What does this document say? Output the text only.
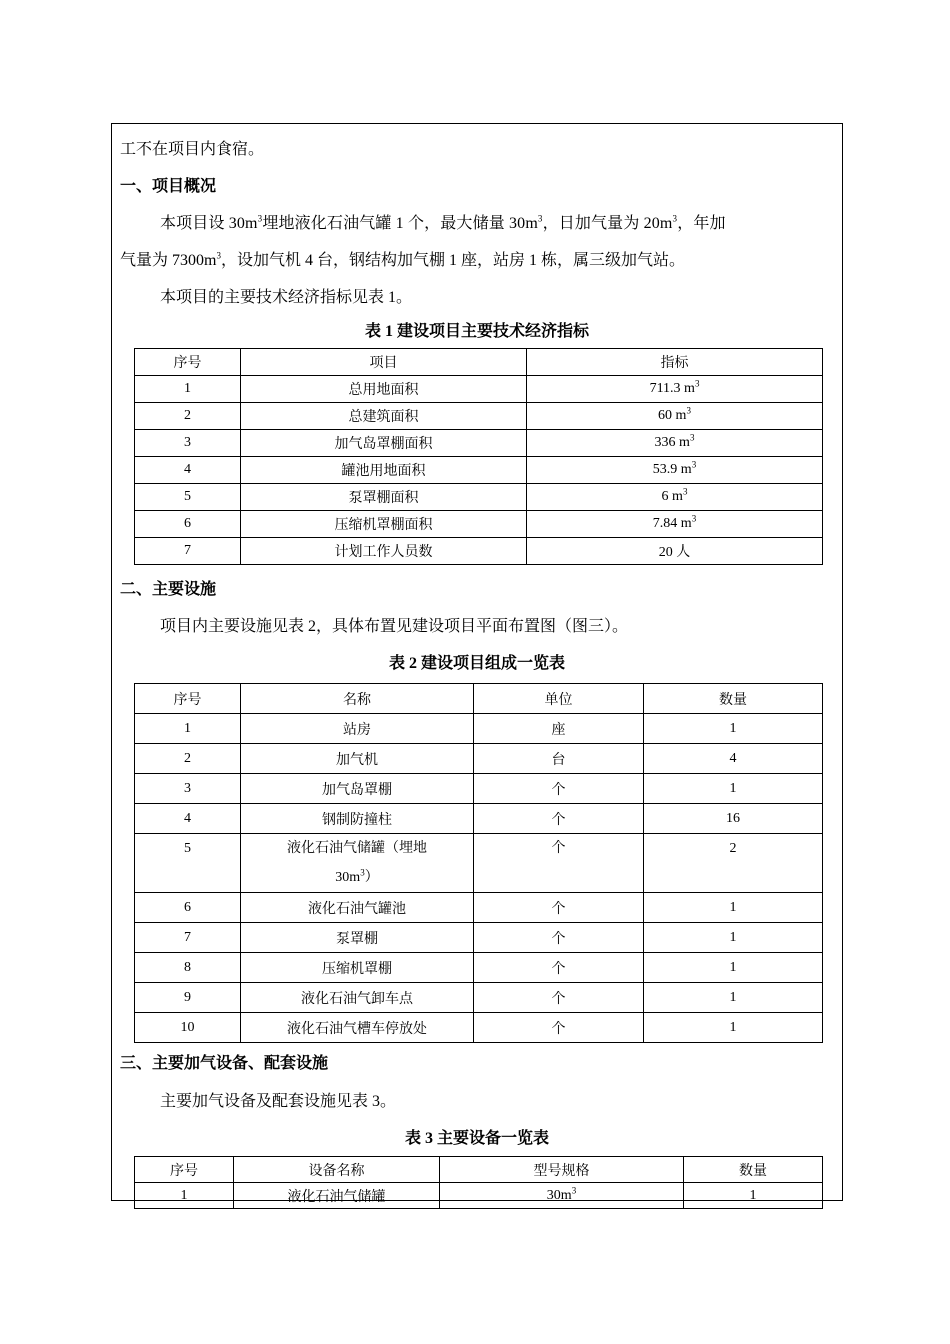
工不在项目内食宿。

一、项目概况

本项目设 $30m^3$埋地液化石油气罐 1 个，最大储量 $30m^3$，日加气量为 $20m^3$，年加

气量为 $7300m^3$，设加气机 4 台，钢结构加气棚 1 座，站房 1 栋，属三级加气站。

本项目的主要技术经济指标见表 1。

表 1 建设项目主要技术经济指标

序号	项目	指标
1	总用地面积	711.3 $m^3$
2	总建筑面积	60 $m^3$
3	加气岛罩棚面积	336 $m^3$
4	罐池用地面积	53.9 $m^3$
5	泵罩棚面积	6 $m^3$
6	压缩机罩棚面积	7.84 $m^3$
7	计划工作人员数	20 人

二、主要设施

项目内主要设施见表 2，具体布置见建设项目平面布置图（图三）。

表 2 建设项目组成一览表

序号	名称	单位	数量
1	站房	座	1
2	加气机	台	4
3	加气岛罩棚	个	1
4	钢制防撞柱	个	16
5	液化石油气储罐（埋地
$30m^3$）	个	2
6	液化石油气罐池	个	1
7	泵罩棚	个	1
8	压缩机罩棚	个	1
9	液化石油气卸车点	个	1
10	液化石油气槽车停放处	个	1

三、主要加气设备、配套设施

主要加气设备及配套设施见表 3。

表 3 主要设备一览表

序号	设备名称	型号规格	数量
1	液化石油气储罐	$30m^3$	1
